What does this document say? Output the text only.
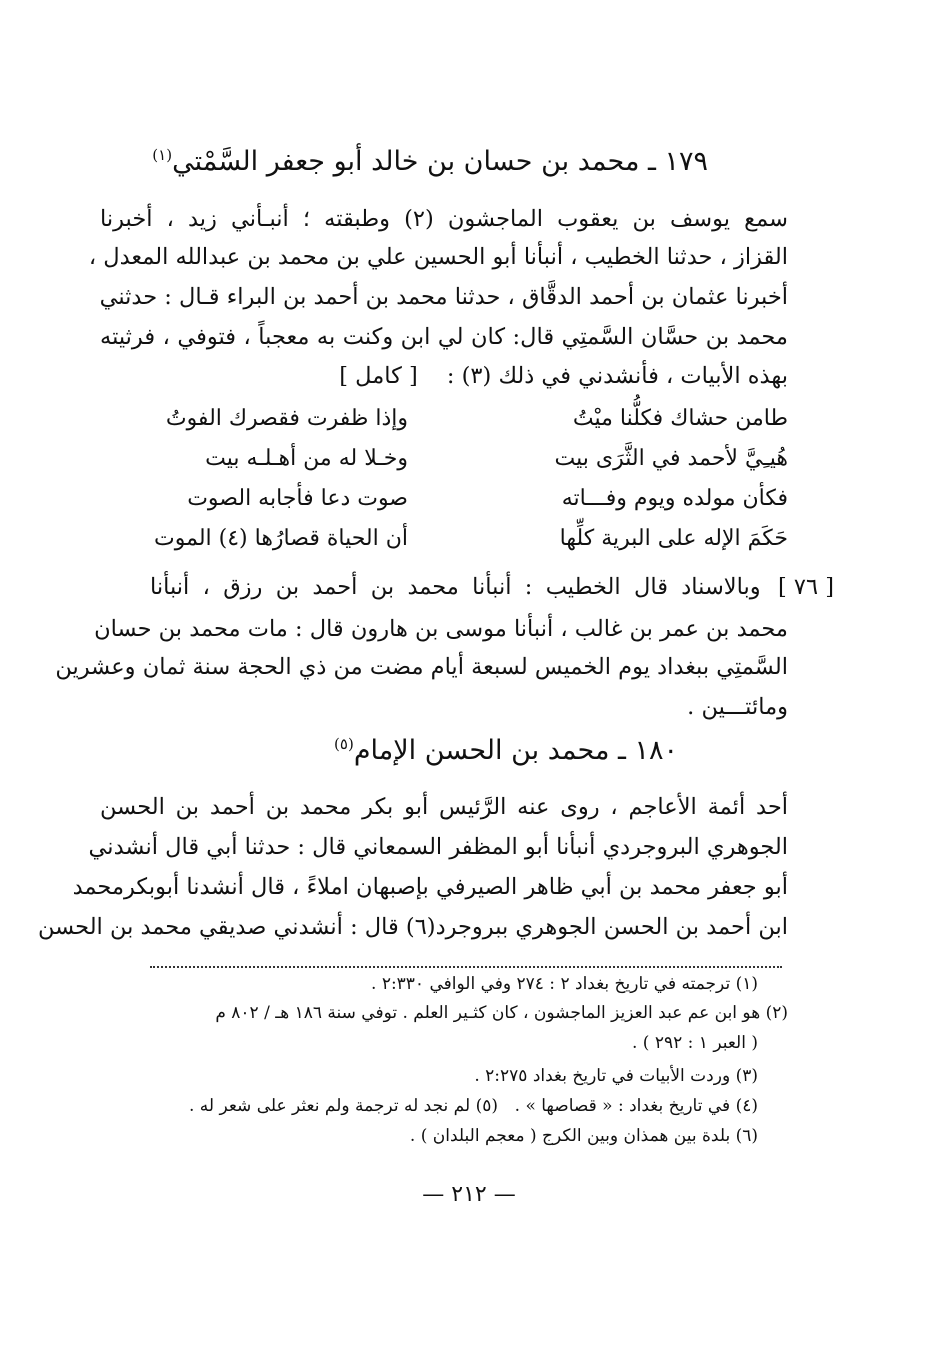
١٧٩ ـ محمد بن حسان بن خالد أبو جعفر السَّمْتي$^{(١)}$
سمع يوسف بن يعقوب الماجشون (٢) وطبقته ؛ أنبـأني زيد ، أخبرنا
القزاز ، حدثنا الخطيب ، أنبأنا أبو الحسين علي بن محمد بن عبدالله المعدل ،
أخبرنا عثمان بن أحمد الدقَّاق ، حدثنا محمد بن أحمد بن البراء قـال : حدثني
محمد بن حسَّان السَّمتِي قال: كان لي ابن وكنت به معجباً ، فتوفي ، فرثيته
بهذه الأبيات ، فأنشدني في ذلك (٣) : [ كامل ]
طامن حشاك فكلُّنا ميْتُ
وإذا ظفرت فقصرك الفوتُ
هُيـِيَّ لأحمد في الثَّرَى بيت
وخـلا له من أهـلـه بيت
فكأن مولده ويوم وفـــاته
صوت دعا فأجابه الصوت
حَكَمَ الإله على البرية كلِّها
أن الحياة قصارُها (٤) الموت
[ ٧٦ ] وبالاسناد قال الخطيب : أنبأنا محمد بن أحمد بن رزق ، أنبأنا
محمد بن عمر بن غالب ، أنبأنا موسى بن هارون قال : مات محمد بن حسان
السَّمتِي ببغداد يوم الخميس لسبعة أيام مضت من ذي الحجة سنة ثمان وعشرين
ومائتـــين .
١٨٠ ـ محمد بن الحسن الإمام$^{(٥)}$
أحد أئمة الأعاجم ، روى عنه الرَّئيس أبو بكر محمد بن أحمد بن الحسن
الجوهري البروجردي أنبأنا أبو المظفر السمعاني قال : حدثنا أبي قال أنشدني
أبو جعفر محمد بن أبي ظاهر الصيرفي بإصبهان املاءً ، قال أنشدنا أبوبكرمحمد
ابن أحمد بن الحسن الجوهري ببروجرد(٦) قال : أنشدني صديقي محمد بن الحسن
(١) ترجمته في تاريخ بغداد ٢ : ٢٧٤ وفي الوافي ٢:٣٣٠ .
(٢) هو ابن عم عبد العزيز الماجشون ، كان كثـير العلم . توفي سنة ١٨٦ هـ / ٨٠٢ م
( العبر ١ : ٢٩٢ ) .
(٣) وردت الأبيات في تاريخ بغداد ٢:٢٧٥ .
(٤) في تاريخ بغداد : « قصاصها » .
(٥) لم نجد له ترجمة ولم نعثر على شعر له .
(٦) بلدة بين همذان وبين الكرج ( معجم البلدان ) .
— ٢١٢ —
